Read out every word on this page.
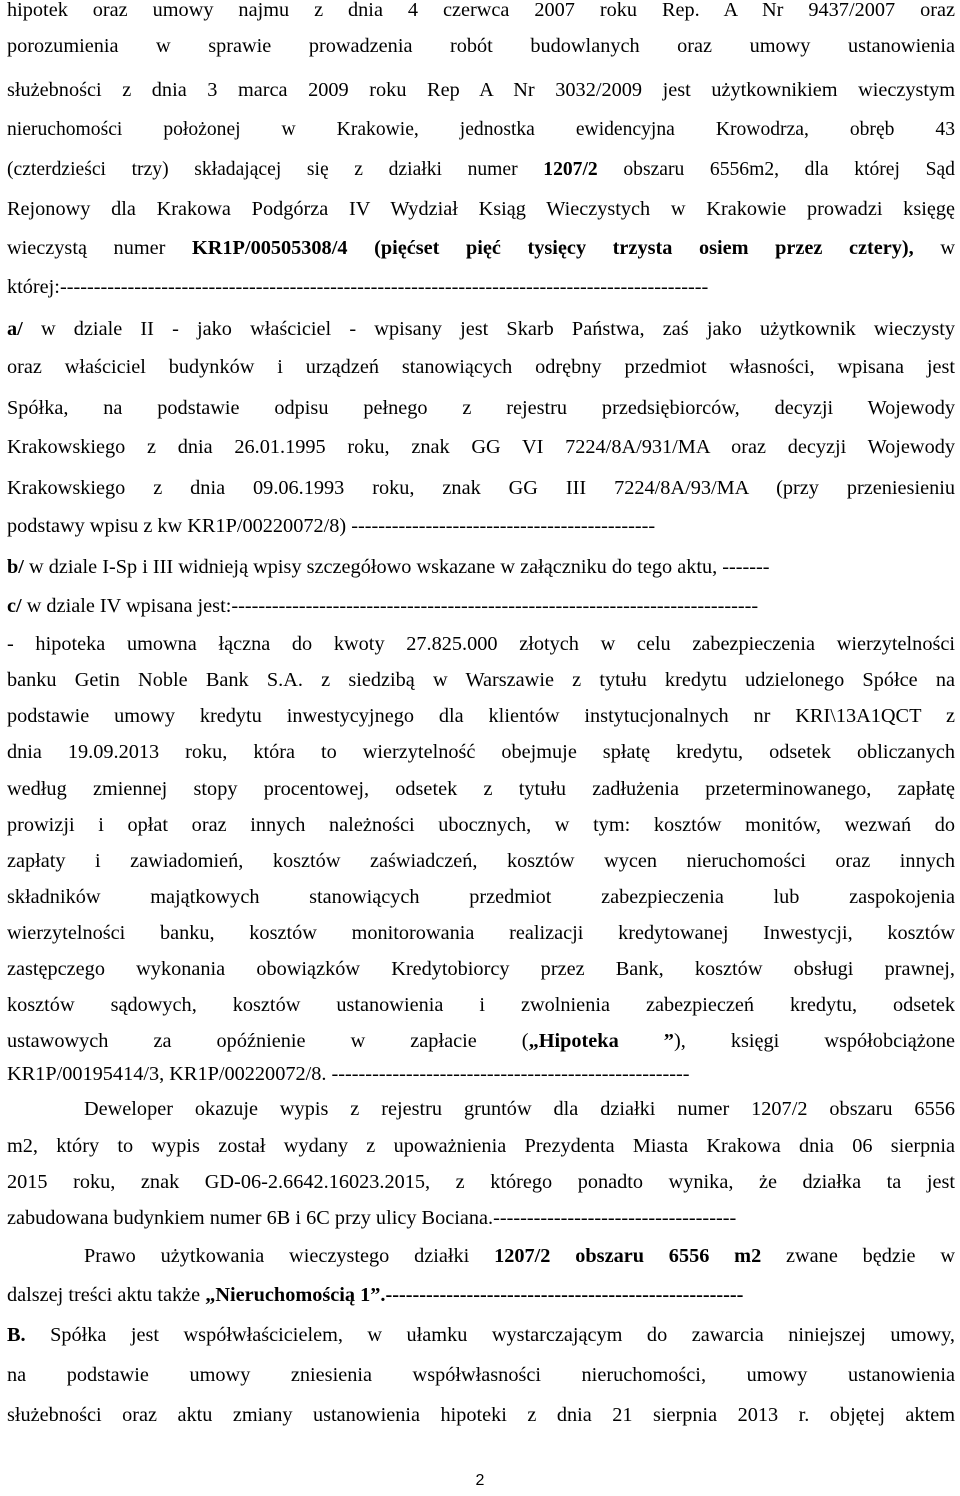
hipotek oraz umowy najmu z dnia 4 czerwca 2007 roku Rep. A Nr 9437/2007 oraz
porozumienia w sprawie prowadzenia robót budowlanych oraz umowy ustanowienia
służebności z dnia 3 marca 2009 roku Rep A Nr 3032/2009 jest użytkownikiem wieczystym
nieruchomości położonej w Krakowie, jednostka ewidencyjna Krowodrza, obręb 43
(czterdzieści trzy) składającej się z działki numer 1207/2 obszaru 6556m2, dla której Sąd
Rejonowy dla Krakowa Podgórza IV Wydział Ksiąg Wieczystych w Krakowie prowadzi księgę
wieczystą numer KR1P/00505308/4 (pięćset pięć tysięcy trzysta osiem przez cztery), w
której:------------------------------------------------------------------------------------------------
a/ w dziale II - jako właściciel - wpisany jest Skarb Państwa, zaś jako użytkownik wieczysty
oraz właściciel budynków i urządzeń stanowiących odrębny przedmiot własności, wpisana jest
Spółka, na podstawie odpisu pełnego z rejestru przedsiębiorców, decyzji Wojewody
Krakowskiego z dnia 26.01.1995 roku, znak GG VI 7224/8A/931/MA oraz decyzji Wojewody
Krakowskiego z dnia 09.06.1993 roku, znak GG III 7224/8A/93/MA (przy przeniesieniu
podstawy wpisu z kw KR1P/00220072/8) ---------------------------------------------
b/ w dziale I-Sp i III widnieją wpisy szczegółowo wskazane w załączniku do tego aktu, -------
c/ w dziale IV wpisana jest:------------------------------------------------------------------------------
- hipoteka umowna łączna do kwoty 27.825.000 złotych w celu zabezpieczenia wierzytelności
banku Getin Noble Bank S.A. z siedzibą w Warszawie z tytułu kredytu udzielonego Spółce na
podstawie umowy kredytu inwestycyjnego dla klientów instytucjonalnych nr KRI\13A1QCT z
dnia 19.09.2013 roku, która to wierzytelność obejmuje spłatę kredytu, odsetek obliczanych
według zmiennej stopy procentowej, odsetek z tytułu zadłużenia przeterminowanego, zapłatę
prowizji i opłat oraz innych należności ubocznych, w tym: kosztów monitów, wezwań do
zapłaty i zawiadomień, kosztów zaświadczeń, kosztów wycen nieruchomości oraz innych
składników majątkowych stanowiących przedmiot zabezpieczenia lub zaspokojenia
wierzytelności banku, kosztów monitorowania realizacji kredytowanej Inwestycji, kosztów
zastępczego wykonania obowiązków Kredytobiorcy przez Bank, kosztów obsługi prawnej,
kosztów sądowych, kosztów ustanowienia i zwolnienia zabezpieczeń kredytu, odsetek
ustawowych za opóźnienie w zapłacie („Hipoteka ”), księgi współobciążone
KR1P/00195414/3, KR1P/00220072/8. -----------------------------------------------------
Deweloper okazuje wypis z rejestru gruntów dla działki numer 1207/2 obszaru 6556
m2, który to wypis został wydany z upoważnienia Prezydenta Miasta Krakowa dnia 06 sierpnia
2015 roku, znak GD-06-2.6642.16023.2015, z którego ponadto wynika, że działka ta jest
zabudowana budynkiem numer 6B i 6C przy ulicy Bociana.------------------------------------
Prawo użytkowania wieczystego działki 1207/2 obszaru 6556 m2 zwane będzie w
dalszej treści aktu także „Nieruchomością 1”.-----------------------------------------------------
B. Spółka jest współwłaścicielem, w ułamku wystarczającym do zawarcia niniejszej umowy,
na podstawie umowy zniesienia współwłasności nieruchomości, umowy ustanowienia
służebności oraz aktu zmiany ustanowienia hipoteki z dnia 21 sierpnia 2013 r. objętej aktem
2
